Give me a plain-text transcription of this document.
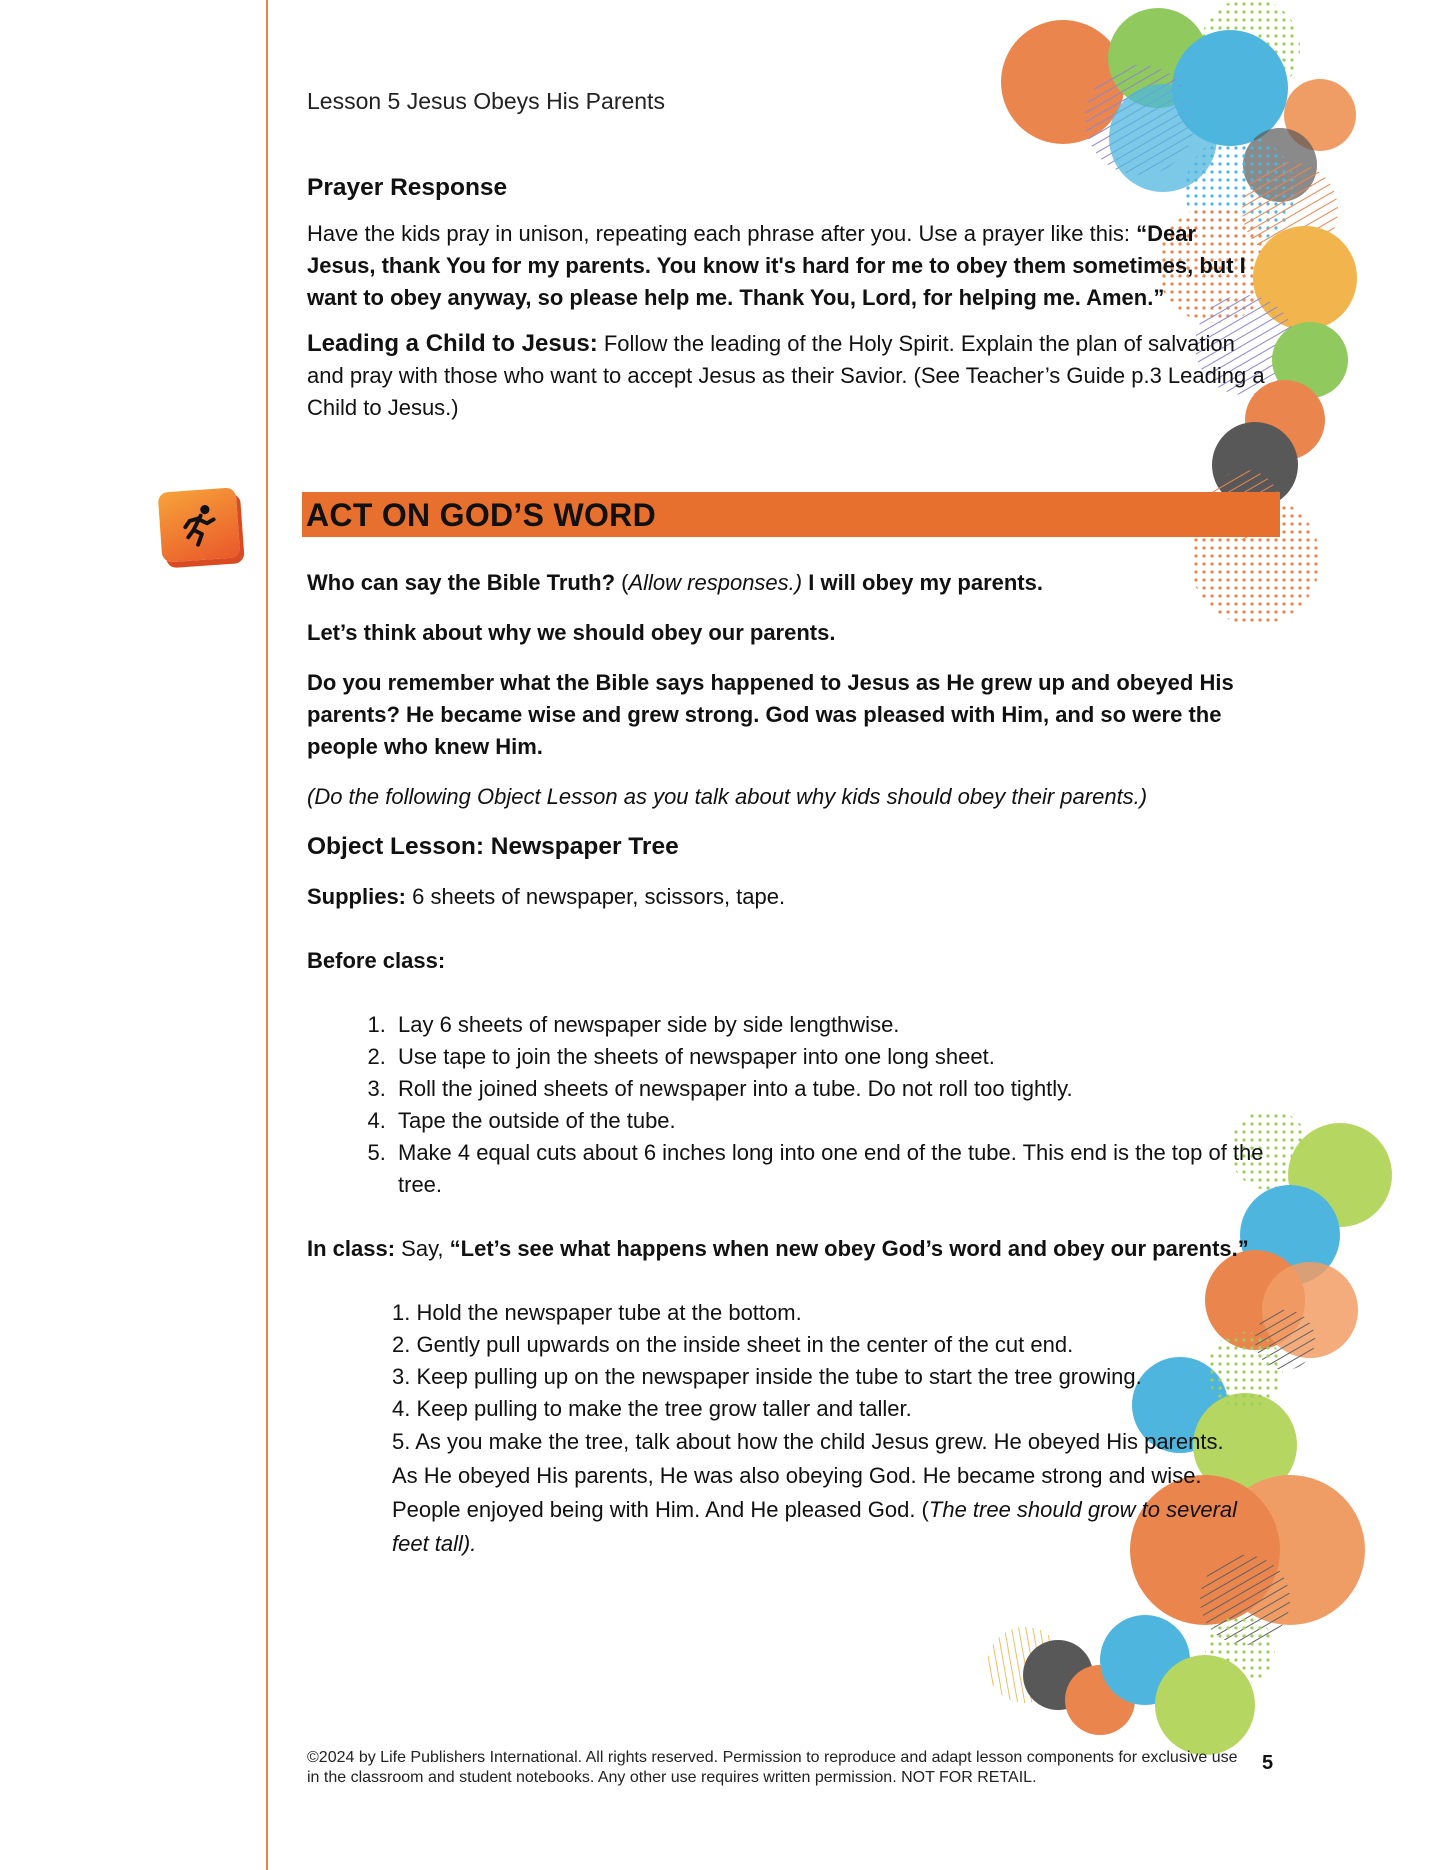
Lesson 5 Jesus Obeys His Parents

Prayer Response

Have the kids pray in unison, repeating each phrase after you. Use a prayer like this: “Dear Jesus, thank You for my parents. You know it's hard for me to obey them sometimes, but I want to obey anyway, so please help me. Thank You, Lord, for helping me. Amen.”

Leading a Child to Jesus: Follow the leading of the Holy Spirit. Explain the plan of salvation and pray with those who want to accept Jesus as their Savior. (See Teacher’s Guide p.3 Leading a Child to Jesus.)

ACT ON GOD’S WORD

Who can say the Bible Truth? (Allow responses.) I will obey my parents.

Let’s think about why we should obey our parents.

Do you remember what the Bible says happened to Jesus as He grew up and obeyed His parents? He became wise and grew strong. God was pleased with Him, and so were the people who knew Him.

(Do the following Object Lesson as you talk about why kids should obey their parents.)

Object Lesson: Newspaper Tree

Supplies: 6 sheets of newspaper, scissors, tape.

Before class:

1. Lay 6 sheets of newspaper side by side lengthwise.
2. Use tape to join the sheets of newspaper into one long sheet.
3. Roll the joined sheets of newspaper into a tube. Do not roll too tightly.
4. Tape the outside of the tube.
5. Make 4 equal cuts about 6 inches long into one end of the tube. This end is the top of the tree.

In class: Say, “Let’s see what happens when new obey God’s word and obey our parents.”

1. Hold the newspaper tube at the bottom.

2. Gently pull upwards on the inside sheet in the center of the cut end.

3. Keep pulling up on the newspaper inside the tube to start the tree growing.

4. Keep pulling to make the tree grow taller and taller.

5. As you make the tree, talk about how the child Jesus grew. He obeyed His parents. As He obeyed His parents, He was also obeying God. He became strong and wise. People enjoyed being with Him. And He pleased God. (The tree should grow to several feet tall).

©2024 by Life Publishers International. All rights reserved. Permission to reproduce and adapt lesson components for exclusive use in the classroom and student notebooks. Any other use requires written permission. NOT FOR RETAIL.
5
